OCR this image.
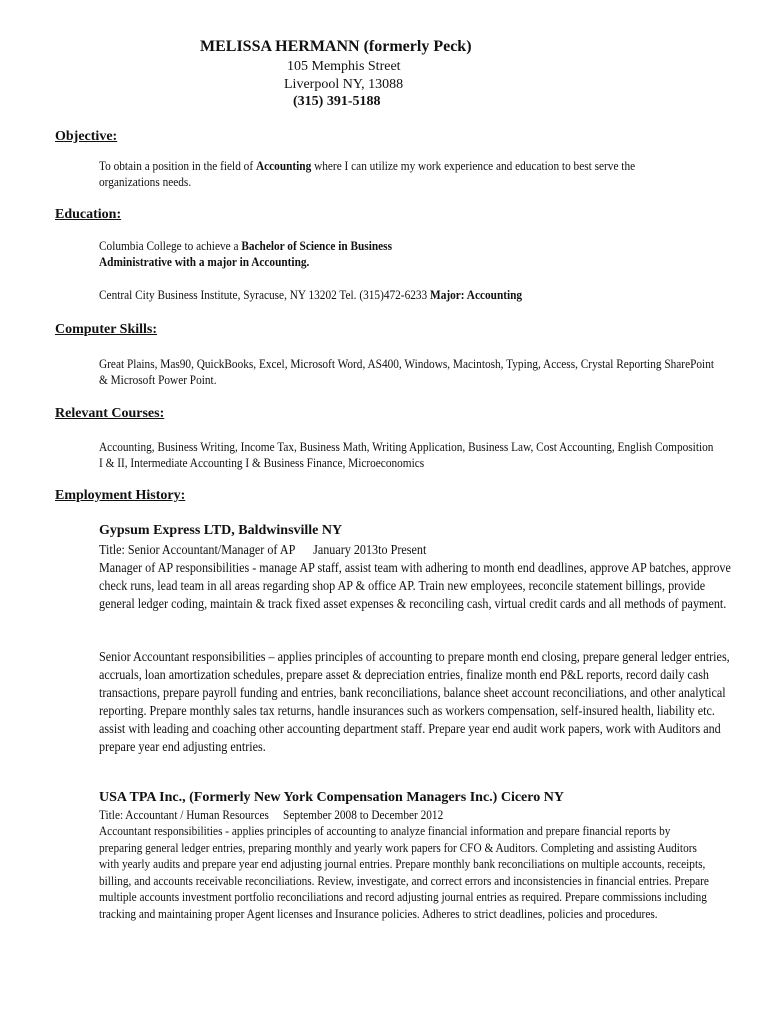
MELISSA HERMANN (formerly Peck)
105 Memphis Street
Liverpool NY, 13088
(315) 391-5188
Objective:
To obtain a position in the field of Accounting where I can utilize my work experience and education to best serve the organizations needs.
Education:
Columbia College to achieve a Bachelor of Science in Business Administrative with a major in Accounting.
Central City Business Institute, Syracuse, NY 13202 Tel. (315)472-6233 Major: Accounting
Computer Skills:
Great Plains, Mas90, QuickBooks, Excel, Microsoft Word, AS400, Windows, Macintosh, Typing, Access, Crystal Reporting SharePoint & Microsoft Power Point.
Relevant Courses:
Accounting, Business Writing, Income Tax, Business Math, Writing Application, Business Law, Cost Accounting, English Composition I & II, Intermediate Accounting I & Business Finance, Microeconomics
Employment History:
Gypsum Express LTD, Baldwinsville NY
Title: Senior Accountant/Manager of AP      January 2013to Present
Manager of AP responsibilities - manage AP staff, assist team with adhering to month end deadlines, approve AP batches, approve check runs, lead team in all areas regarding shop AP & office AP. Train new employees, reconcile statement billings, provide general ledger coding, maintain & track fixed asset expenses & reconciling cash, virtual credit cards and all methods of payment.
Senior Accountant responsibilities – applies principles of accounting to prepare month end closing, prepare general ledger entries, accruals, loan amortization schedules, prepare asset & depreciation entries, finalize month end P&L reports, record daily cash transactions, prepare payroll funding and entries, bank reconciliations, balance sheet account reconciliations, and other analytical reporting. Prepare monthly sales tax returns, handle insurances such as workers compensation, self-insured health, liability etc. assist with leading and coaching other accounting department staff. Prepare year end audit work papers, work with Auditors and prepare year end adjusting entries.
USA TPA Inc., (Formerly New York Compensation Managers Inc.) Cicero NY
Title: Accountant / Human Resources     September 2008 to December 2012
Accountant responsibilities - applies principles of accounting to analyze financial information and prepare financial reports by preparing general ledger entries, preparing monthly and yearly work papers for CFO & Auditors. Completing and assisting Auditors with yearly audits and prepare year end adjusting journal entries. Prepare monthly bank reconciliations on multiple accounts, receipts, billing, and accounts receivable reconciliations. Review, investigate, and correct errors and inconsistencies in financial entries. Prepare multiple accounts investment portfolio reconciliations and record adjusting journal entries as required. Prepare commissions including tracking and maintaining proper Agent licenses and Insurance policies. Adheres to strict deadlines, policies and procedures.
